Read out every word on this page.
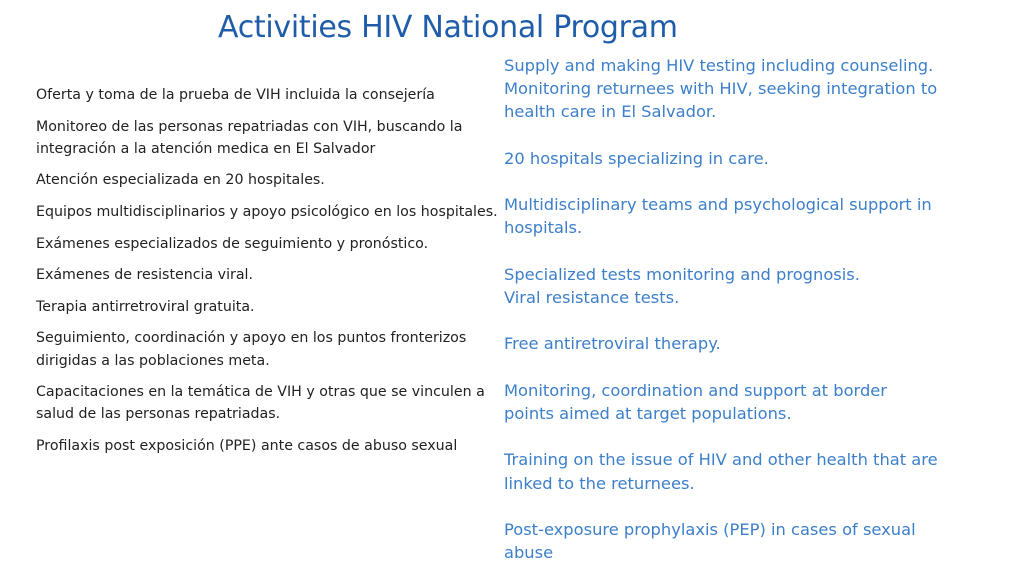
Activities HIV National Program
Oferta y toma de la prueba de VIH incluida la consejería
Monitoreo de las personas repatriadas con VIH, buscando la integración a la atención medica en El Salvador
Atención especializada en 20 hospitales.
Equipos multidisciplinarios y apoyo psicológico en los hospitales.
Exámenes especializados de seguimiento y pronóstico.
Exámenes de resistencia viral.
Terapia antirretroviral gratuita.
Seguimiento, coordinación y apoyo en los puntos fronterizos dirigidas a las poblaciones meta.
Capacitaciones en la temática de VIH y otras que se vinculen a salud de las personas repatriadas.
Profilaxis post exposición (PPE) ante casos de abuso sexual
Supply and making HIV testing including counseling.
Monitoring returnees with HIV, seeking integration to
health care in El Salvador.
20 hospitals specializing in care.
Multidisciplinary teams and psychological support in
hospitals.
Specialized tests monitoring and prognosis.
Viral resistance tests.
Free antiretroviral therapy.
Monitoring, coordination and support at border
points aimed at target populations.
Training on the issue of HIV and other health that are
linked to the returnees.
Post-exposure prophylaxis (PEP) in cases of sexual
abuse
